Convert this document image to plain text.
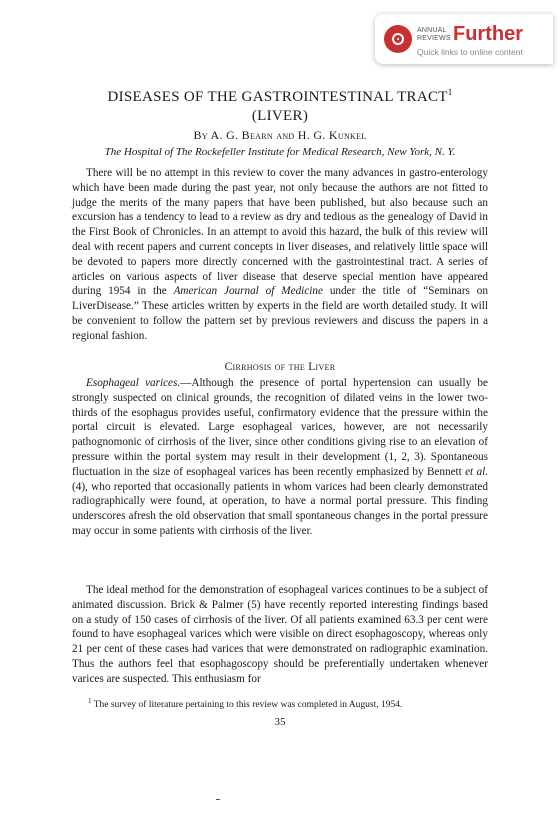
ANNUAL
REVIEWS Further
Quick links to online content
DISEASES OF THE GASTROINTESTINAL TRACT$^1$
(LIVER)
By A. G. Bearn and H. G. Kunkel
The Hospital of The Rockefeller Institute for Medical Research, New York, N. Y.

There will be no attempt in this review to cover the many advances in gastro-enterology which have been made during the past year, not only because the authors are not fitted to judge the merits of the many papers that have been published, but also because such an excursion has a tendency to lead to a review as dry and tedious as the genealogy of David in the First Book of Chronicles. In an attempt to avoid this hazard, the bulk of this review will deal with recent papers and current concepts in liver diseases, and relatively little space will be devoted to papers more directly concerned with the gastrointestinal tract. A series of articles on various aspects of liver disease that deserve special mention have appeared during 1954 in the American Journal of Medicine under the title of “Seminars on LiverDisease.” These articles written by experts in the field are worth detailed study. It will be convenient to follow the pattern set by previous reviewers and discuss the papers in a regional fashion.

Cirrhosis of the Liver

Esophageal varices.—Although the presence of portal hypertension can usually be strongly suspected on clinical grounds, the recognition of dilated veins in the lower two-thirds of the esophagus provides useful, confirmatory evidence that the pressure within the portal circuit is elevated. Large esophageal varices, however, are not necessarily pathognomonic of cirrhosis of the liver, since other conditions giving rise to an elevation of pressure within the portal system may result in their development (1, 2, 3). Spontaneous fluctuation in the size of esophageal varices has been recently emphasized by Bennett et al. (4), who reported that occasionally patients in whom varices had been clearly demonstrated radiographically were found, at operation, to have a normal portal pressure. This finding underscores afresh the old observation that small spontaneous changes in the portal pressure may occur in some patients with cirrhosis of the liver.

The ideal method for the demonstration of esophageal varices continues to be a subject of animated discussion. Brick & Palmer (5) have recently reported interesting findings based on a study of 150 cases of cirrhosis of the liver. Of all patients examined 63.3 per cent were found to have esophageal varices which were visible on direct esophagoscopy, whereas only 21 per cent of these cases had varices that were demonstrated on radiographic examination. Thus the authors feel that esophagoscopy should be preferentially undertaken whenever varices are suspected. This enthusiasm for

$^1$ The survey of literature pertaining to this review was completed in August, 1954.
35
